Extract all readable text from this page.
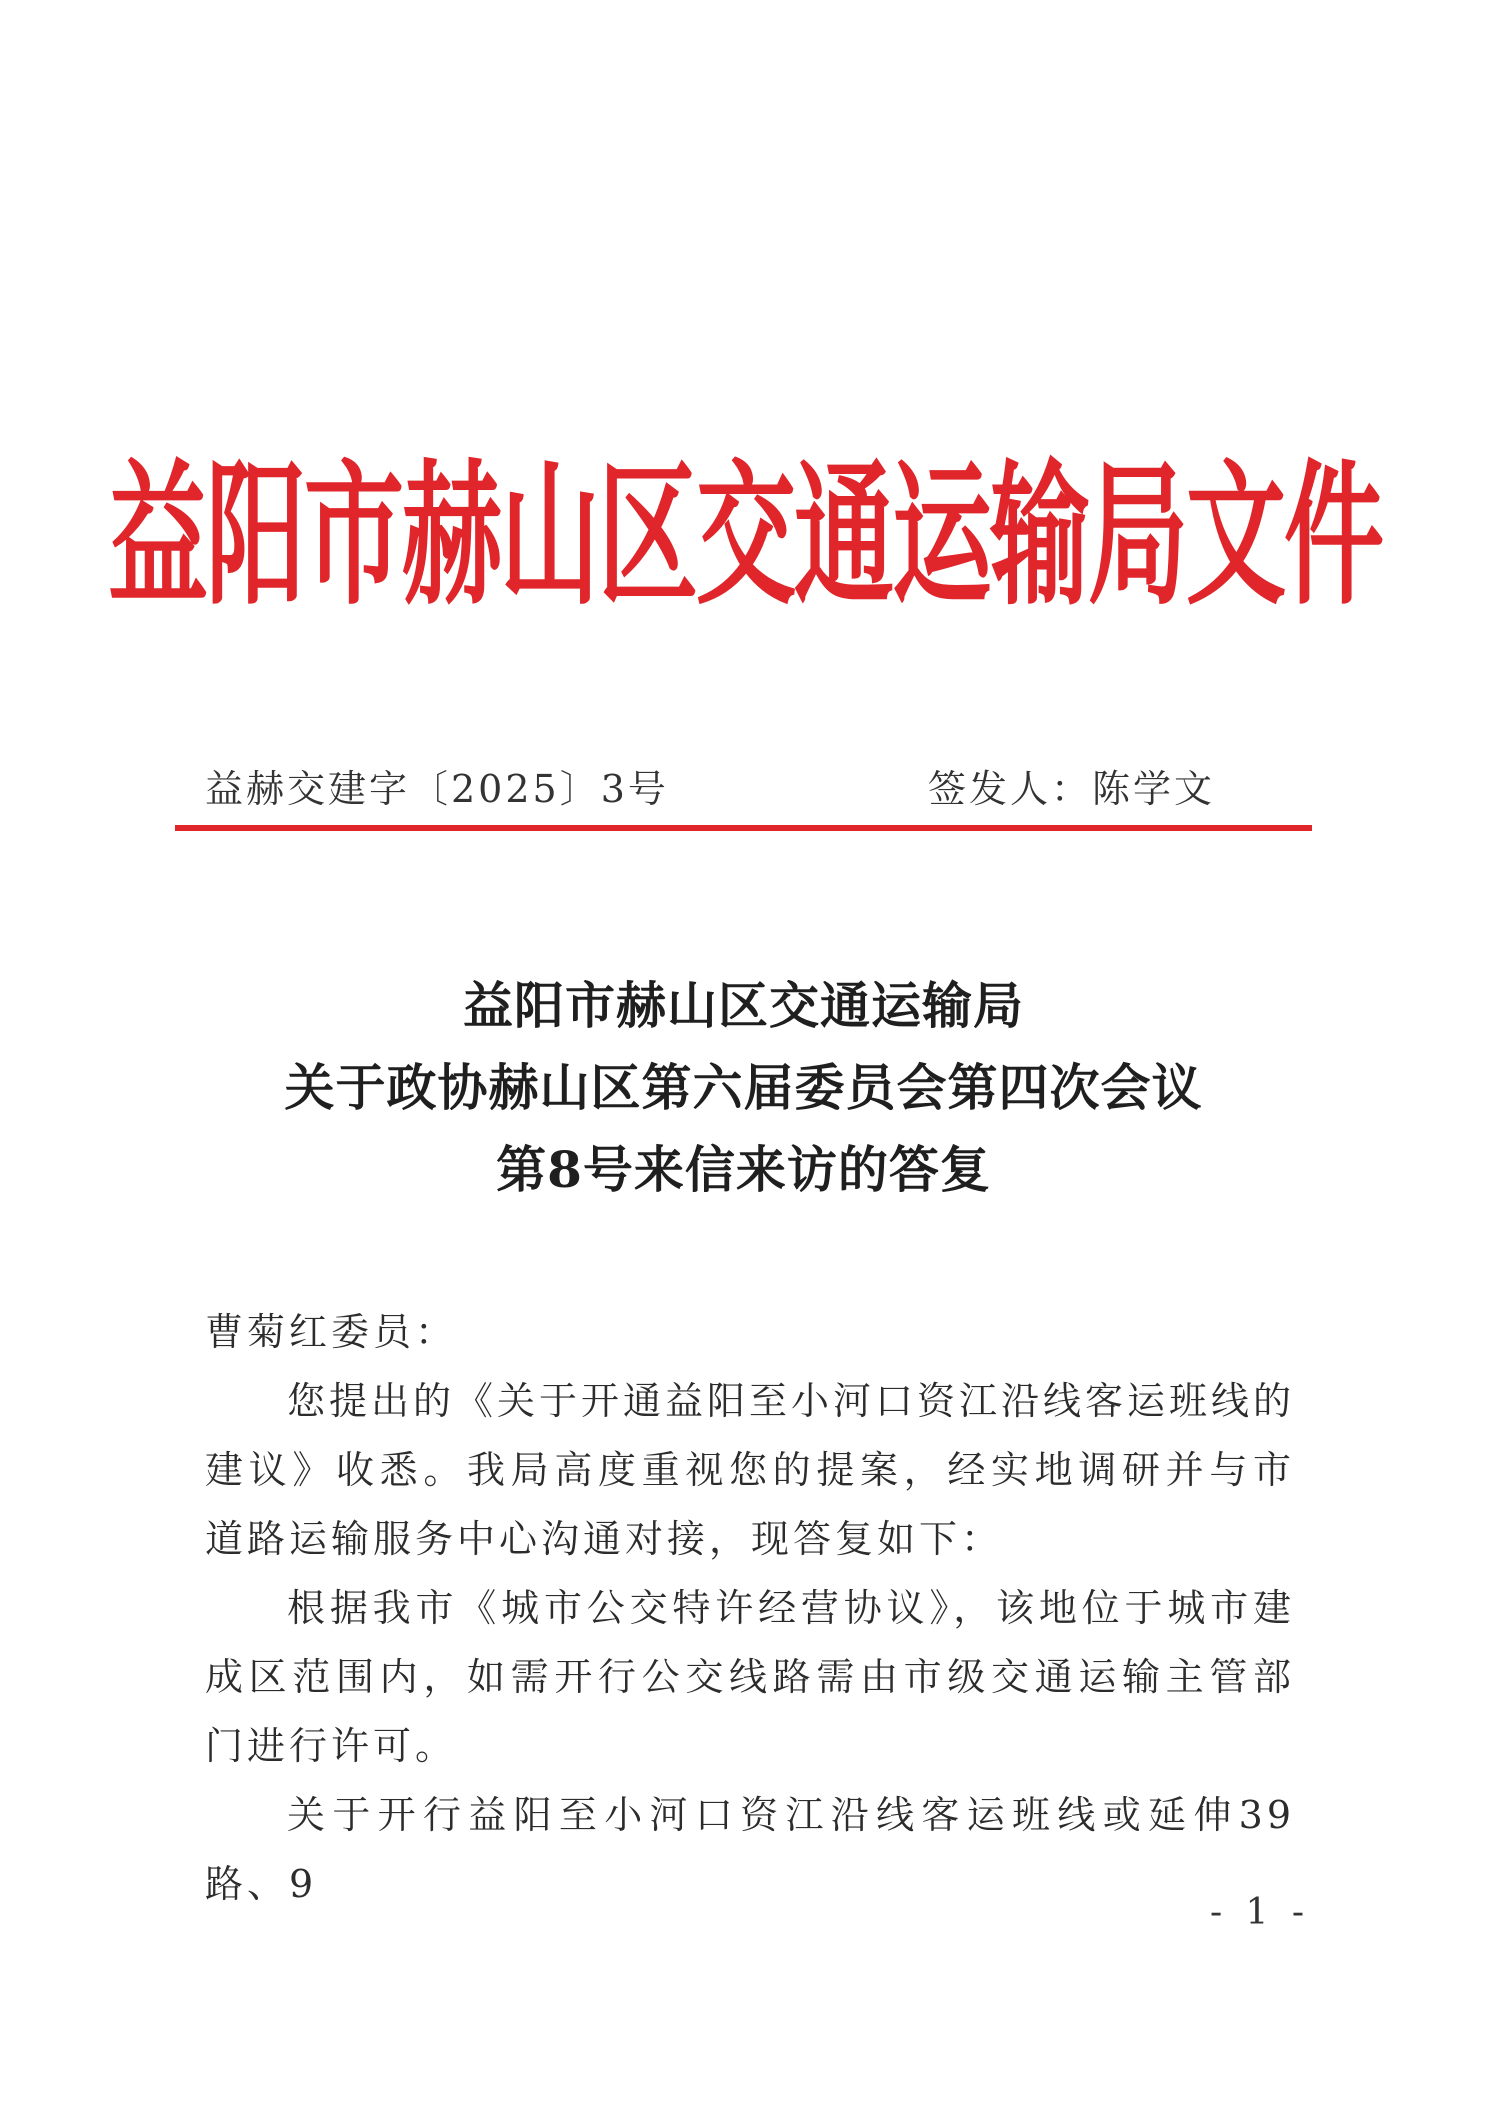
益阳市赫山区交通运输局文件
益赫交建字〔2025〕3号	签发人：陈学文
益阳市赫山区交通运输局
关于政协赫山区第六届委员会第四次会议
第8号来信来访的答复

曹菊红委员：

您提出的《关于开通益阳至小河口资江沿线客运班线的建议》收悉。我局高度重视您的提案，经实地调研并与市道路运输服务中心沟通对接，现答复如下：

根据我市《城市公交特许经营协议》，该地位于城市建成区范围内，如需开行公交线路需由市级交通运输主管部门进行许可。

关于开行益阳至小河口资江沿线客运班线或延伸39路、9

- 1 -
